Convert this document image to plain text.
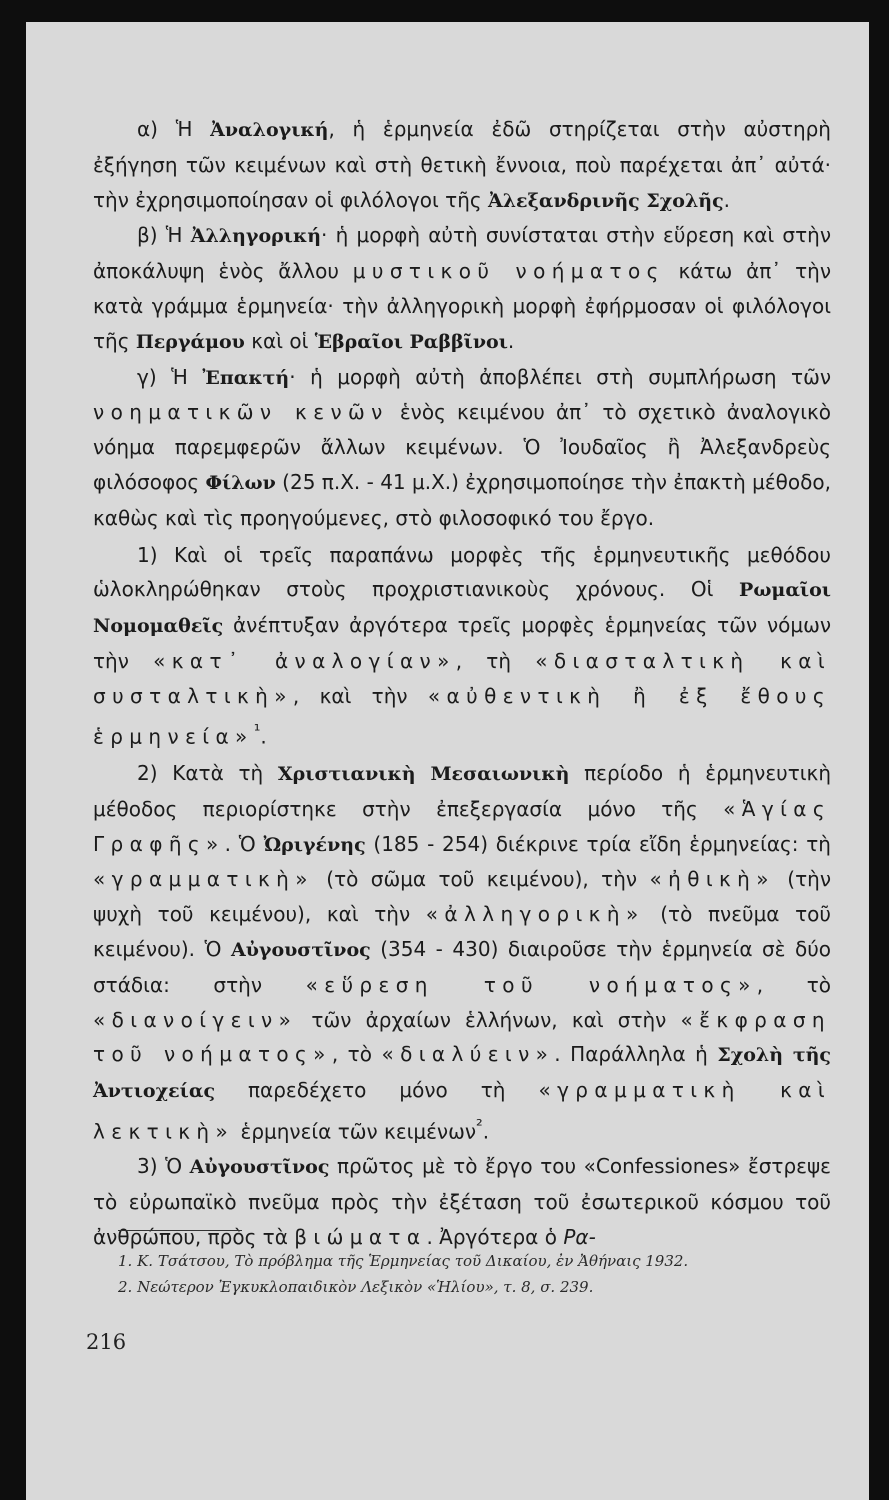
α) Ἡ Ἀναλογική, ἡ ἑρμηνεία ἐδῶ στηρίζεται στὴν αὐστηρὴ ἐξήγηση τῶν κειμένων καὶ στὴ θετικὴ ἔννοια, ποὺ παρέχεται ἀπ᾽ αὐτά· τὴν ἐχρησιμοποίησαν οἱ φιλόλογοι τῆς Ἀλεξανδρινῆς Σχολῆς.

β) Ἡ Ἀλληγορική· ἡ μορφὴ αὐτὴ συνίσταται στὴν εὕρεση καὶ στὴν ἀποκάλυψη ἑνὸς ἄλλου μυστικοῦ νοήματος κάτω ἀπ᾽ τὴν κατὰ γράμμα ἑρμηνεία· τὴν ἀλληγορικὴ μορφὴ ἐφήρμοσαν οἱ φιλόλογοι τῆς Περγάμου καὶ οἱ Ἑβραῖοι Ραββῖνοι.

γ) Ἡ Ἐπακτή· ἡ μορφὴ αὐτὴ ἀποβλέπει στὴ συμπλήρωση τῶν νοηματικῶν κενῶν ἑνὸς κειμένου ἀπ᾽ τὸ σχετικὸ ἀναλογικὸ νόημα παρεμφερῶν ἄλλων κειμένων. Ὁ Ἰουδαῖος ἢ Ἀλεξανδρεὺς φιλόσοφος Φίλων (25 π.Χ. - 41 μ.Χ.) ἐχρησιμοποίησε τὴν ἐπακτὴ μέθοδο, καθὼς καὶ τὶς προηγούμενες, στὸ φιλοσοφικό του ἔργο.

1) Καὶ οἱ τρεῖς παραπάνω μορφὲς τῆς ἑρμηνευτικῆς μεθόδου ὡλοκληρώθηκαν στοὺς προχριστιανικοὺς χρόνους. Οἱ Ρωμαῖοι Νομομαθεῖς ἀνέπτυξαν ἀργότερα τρεῖς μορφὲς ἑρμηνείας τῶν νόμων τὴν «κατ᾽ ἀναλογίαν», τὴ «διασταλτικὴ καὶ συσταλτικὴ», καὶ τὴν «αὐθεντικὴ ἢ ἐξ ἔθους ἑρμηνεία»$^{^1}$.

2) Κατὰ τὴ Χριστιανικὴ Μεσαιωνικὴ περίοδο ἡ ἑρμηνευτικὴ μέθοδος περιορίστηκε στὴν ἐπεξεργασία μόνο τῆς «Ἁγίας Γραφῆς». Ὁ Ὠριγένης (185 - 254) διέκρινε τρία εἴδη ἑρμηνείας: τὴ «γραμματικὴ» (τὸ σῶμα τοῦ κειμένου), τὴν «ἠθικὴ» (τὴν ψυχὴ τοῦ κειμένου), καὶ τὴν «ἀλληγορικὴ» (τὸ πνεῦμα τοῦ κειμένου). Ὁ Αὐγουστῖνος (354 - 430) διαιροῦσε τὴν ἑρμηνεία σὲ δύο στάδια: στὴν «εὕρεση τοῦ νοήματος», τὸ «διανοίγειν» τῶν ἀρχαίων ἑλλήνων, καὶ στὴν «ἔκφραση τοῦ νοήματος», τὸ «διαλύειν». Παράλληλα ἡ Σχολὴ τῆς Ἀντιοχείας παρεδέχετο μόνο τὴ «γραμματικὴ καὶ λεκτικὴ» ἑρμηνεία τῶν κειμένων$^{^2}$.

3) Ὁ Αὐγουστῖνος πρῶτος μὲ τὸ ἔργο του «Confessiones» ἔστρεψε τὸ εὐρωπαϊκὸ πνεῦμα πρὸς τὴν ἐξέταση τοῦ ἐσωτερικοῦ κόσμου τοῦ ἀνθρώπου, πρὸς τὰ βιώματα. Ἀργότερα ὁ Ρα-

1. Κ. Τσάτσου, Τὸ πρόβλημα τῆς Ἑρμηνείας τοῦ Δικαίου, ἐν Ἀθήναις 1932.
2. Νεώτερον Ἐγκυκλοπαιδικὸν Λεξικὸν «Ἡλίου», τ. 8, σ. 239.
216
